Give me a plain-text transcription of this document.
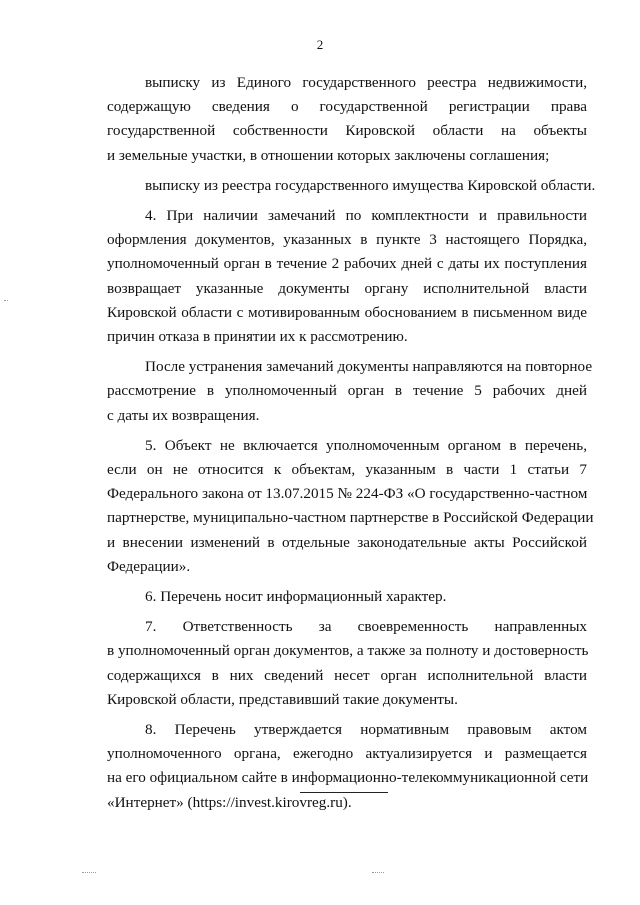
2

выписку из Единого государственного реестра недвижимости,
содержащую сведения о государственной регистрации права
государственной собственности Кировской области на объекты
и земельные участки, в отношении которых заключены соглашения;

выписку из реестра государственного имущества Кировской области.

4. При наличии замечаний по комплектности и правильности
оформления документов, указанных в пункте 3 настоящего Порядка,
уполномоченный орган в течение 2 рабочих дней с даты их поступления
возвращает указанные документы органу исполнительной власти
Кировской области с мотивированным обоснованием в письменном виде
причин отказа в принятии их к рассмотрению.

После устранения замечаний документы направляются на повторное
рассмотрение в уполномоченный орган в течение 5 рабочих дней
с даты их возвращения.

5. Объект не включается уполномоченным органом в перечень,
если он не относится к объектам, указанным в части 1 статьи 7
Федерального закона от 13.07.2015 № 224-ФЗ «О государственно-частном
партнерстве, муниципально-частном партнерстве в Российской Федерации
и внесении изменений в отдельные законодательные акты Российской
Федерации».

6. Перечень носит информационный характер.

7. Ответственность за своевременность направленных
в уполномоченный орган документов, а также за полноту и достоверность
содержащихся в них сведений несет орган исполнительной власти
Кировской области, представивший такие документы.

8. Перечень утверждается нормативным правовым актом
уполномоченного органа, ежегодно актуализируется и размещается
на его официальном сайте в информационно-телекоммуникационной сети
«Интернет» (https://invest.kirovreg.ru).
